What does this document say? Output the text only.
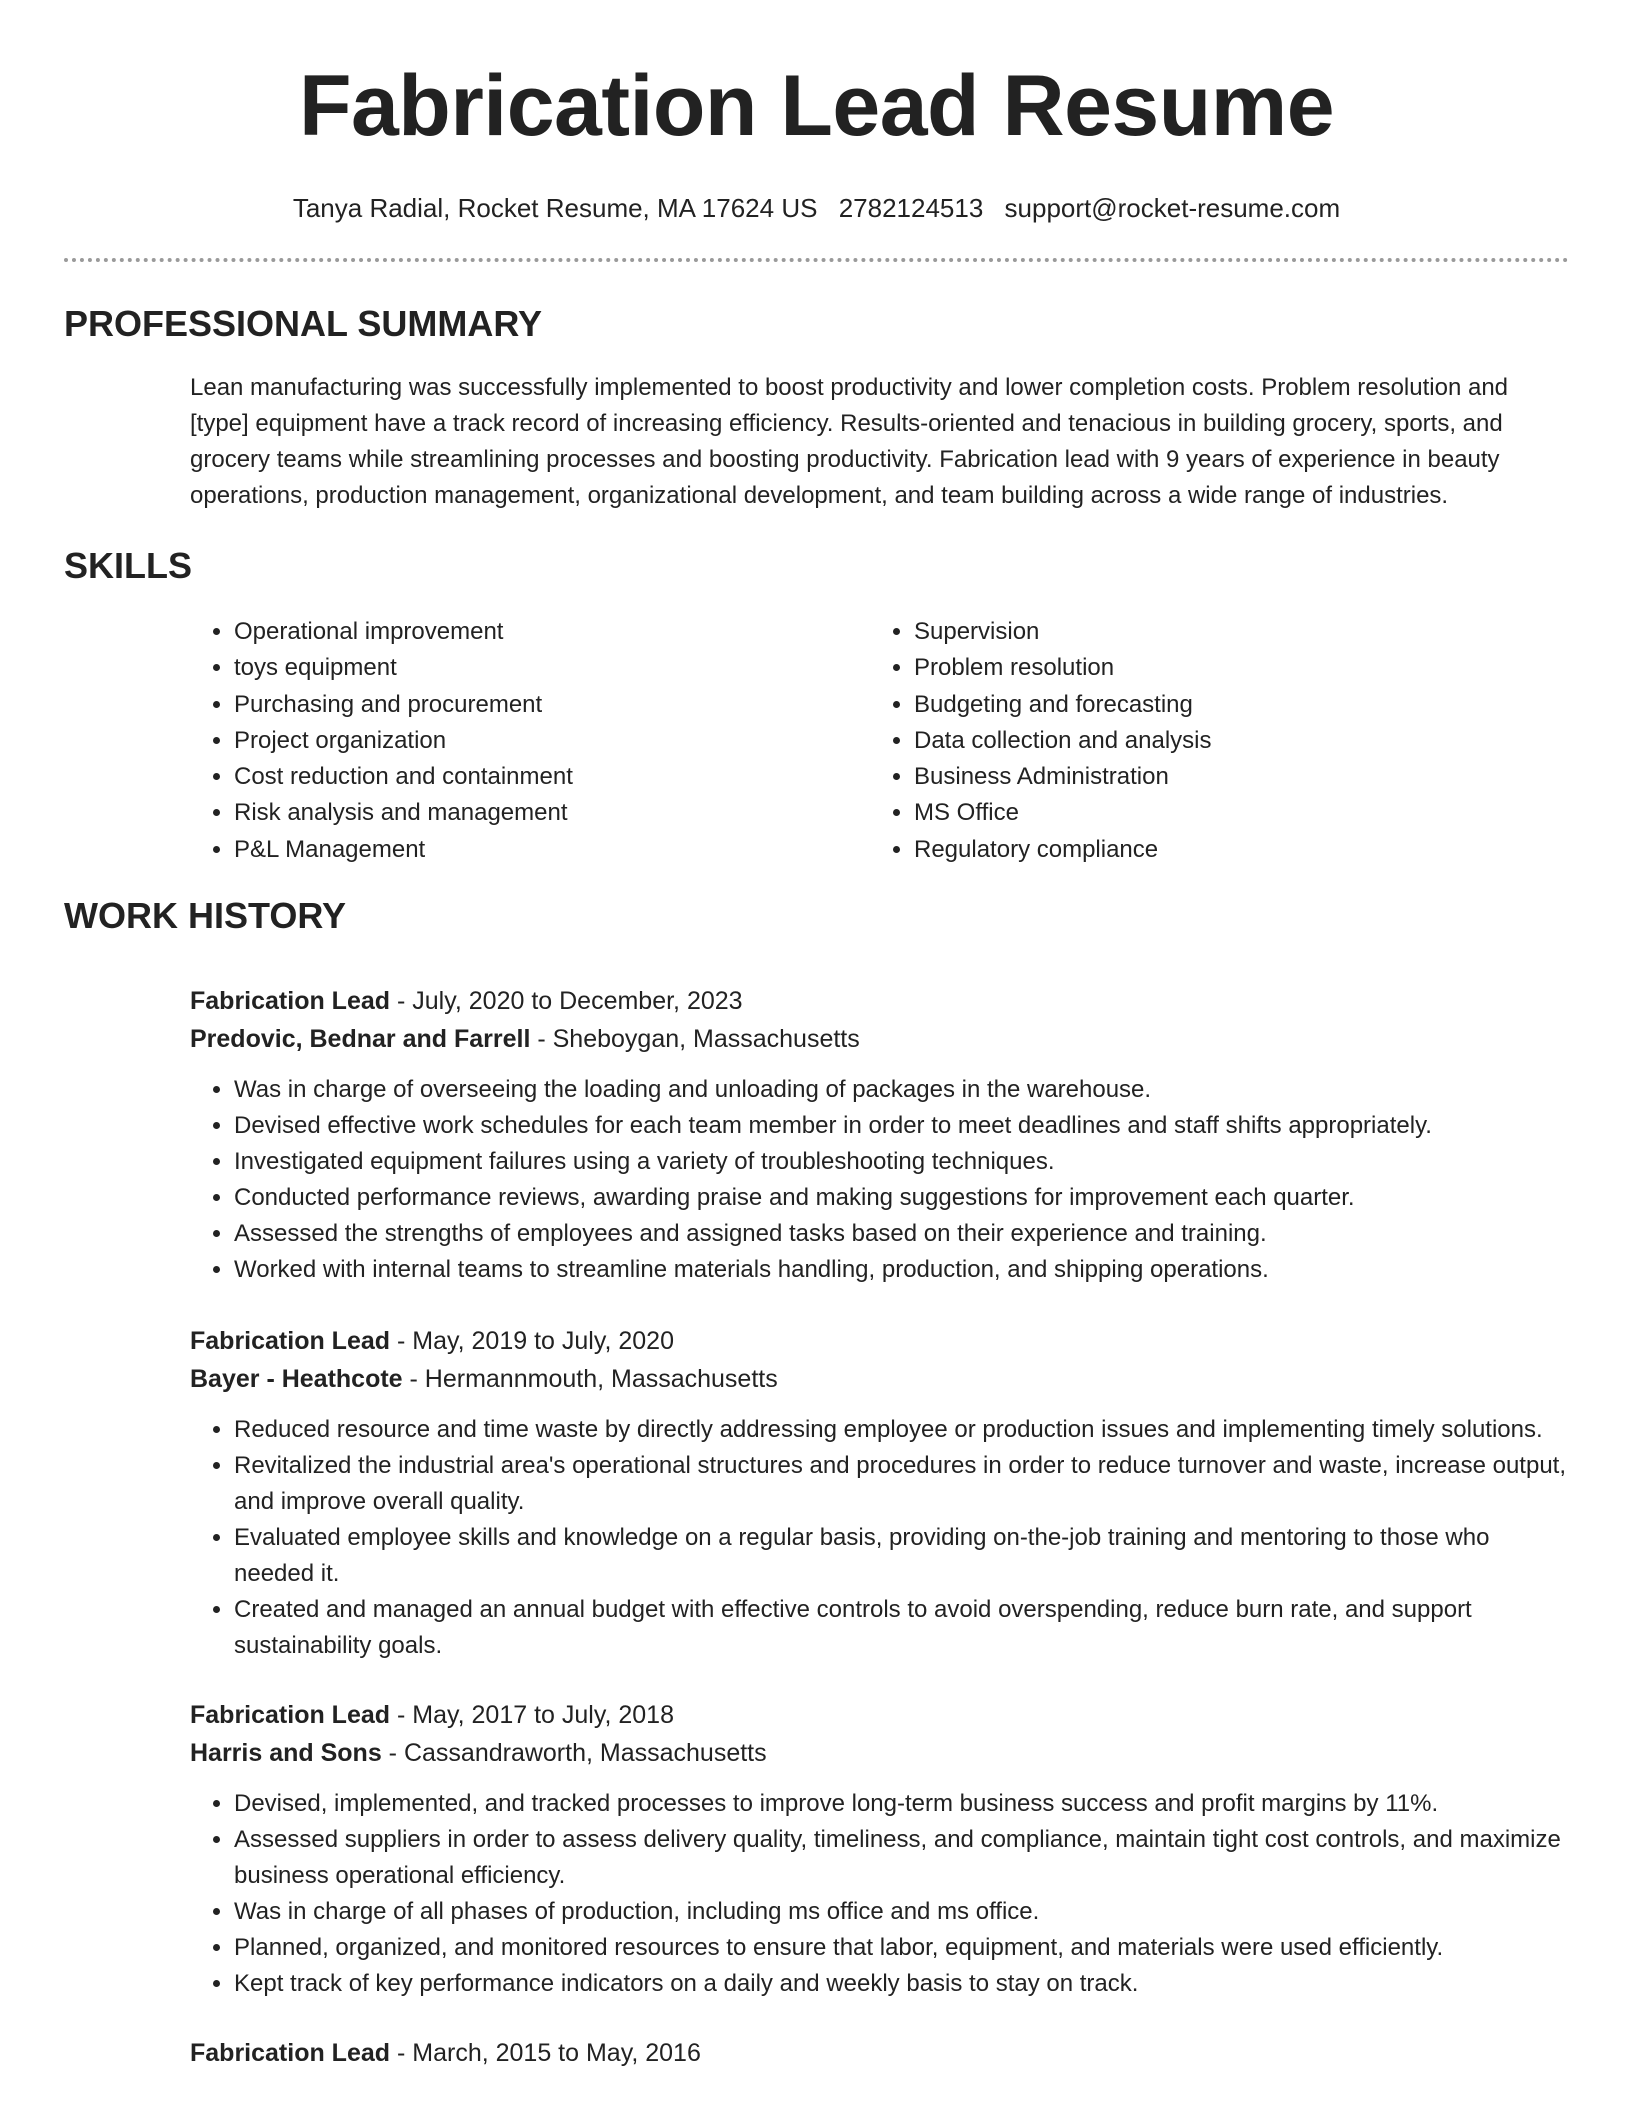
Fabrication Lead Resume
Tanya Radial, Rocket Resume, MA 17624 US 2782124513 support@rocket-resume.com
PROFESSIONAL SUMMARY
Lean manufacturing was successfully implemented to boost productivity and lower completion costs. Problem resolution and [type] equipment have a track record of increasing efficiency. Results-oriented and tenacious in building grocery, sports, and grocery teams while streamlining processes and boosting productivity. Fabrication lead with 9 years of experience in beauty operations, production management, organizational development, and team building across a wide range of industries.
SKILLS
• Operational improvement
• toys equipment
• Purchasing and procurement
• Project organization
• Cost reduction and containment
• Risk analysis and management
• P&L Management
• Supervision
• Problem resolution
• Budgeting and forecasting
• Data collection and analysis
• Business Administration
• MS Office
• Regulatory compliance
WORK HISTORY
Fabrication Lead - July, 2020 to December, 2023
Predovic, Bednar and Farrell - Sheboygan, Massachusetts
• Was in charge of overseeing the loading and unloading of packages in the warehouse.
• Devised effective work schedules for each team member in order to meet deadlines and staff shifts appropriately.
• Investigated equipment failures using a variety of troubleshooting techniques.
• Conducted performance reviews, awarding praise and making suggestions for improvement each quarter.
• Assessed the strengths of employees and assigned tasks based on their experience and training.
• Worked with internal teams to streamline materials handling, production, and shipping operations.
Fabrication Lead - May, 2019 to July, 2020
Bayer - Heathcote - Hermannmouth, Massachusetts
• Reduced resource and time waste by directly addressing employee or production issues and implementing timely solutions.
• Revitalized the industrial area's operational structures and procedures in order to reduce turnover and waste, increase output, and improve overall quality.
• Evaluated employee skills and knowledge on a regular basis, providing on-the-job training and mentoring to those who needed it.
• Created and managed an annual budget with effective controls to avoid overspending, reduce burn rate, and support sustainability goals.
Fabrication Lead - May, 2017 to July, 2018
Harris and Sons - Cassandraworth, Massachusetts
• Devised, implemented, and tracked processes to improve long-term business success and profit margins by 11%.
• Assessed suppliers in order to assess delivery quality, timeliness, and compliance, maintain tight cost controls, and maximize business operational efficiency.
• Was in charge of all phases of production, including ms office and ms office.
• Planned, organized, and monitored resources to ensure that labor, equipment, and materials were used efficiently.
• Kept track of key performance indicators on a daily and weekly basis to stay on track.
Fabrication Lead - March, 2015 to May, 2016
